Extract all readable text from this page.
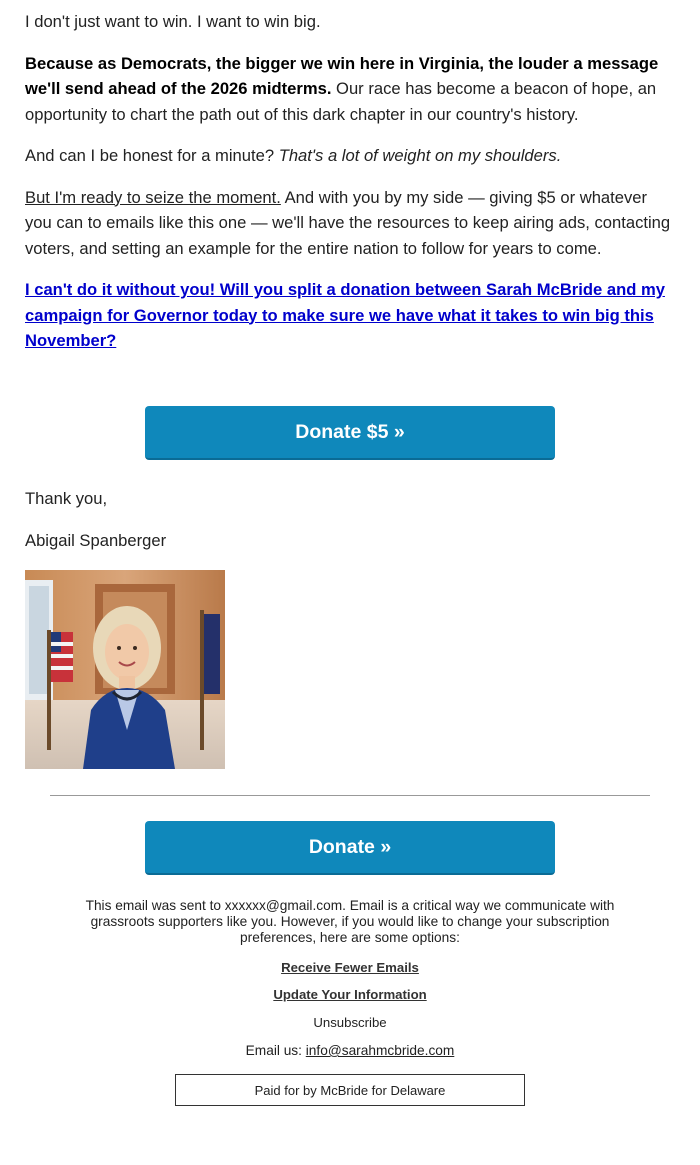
I don't just want to win. I want to win big.

Because as Democrats, the bigger we win here in Virginia, the louder a message we'll send ahead of the 2026 midterms. Our race has become a beacon of hope, an opportunity to chart the path out of this dark chapter in our country's history.

And can I be honest for a minute? That's a lot of weight on my shoulders.

But I'm ready to seize the moment. And with you by my side — giving $5 or whatever you can to emails like this one — we'll have the resources to keep airing ads, contacting voters, and setting an example for the entire nation to follow for years to come.

I can't do it without you! Will you split a donation between Sarah McBride and my campaign for Governor today to make sure we have what it takes to win big this November?
Donate $5 »
Thank you,
Abigail Spanberger
Donate »
This email was sent to xxxxxx@gmail.com. Email is a critical way we communicate with grassroots supporters like you. However, if you would like to change your subscription preferences, here are some options:
Receive Fewer Emails
Update Your Information
Unsubscribe
Email us: info@sarahmcbride.com
Paid for by McBride for Delaware
